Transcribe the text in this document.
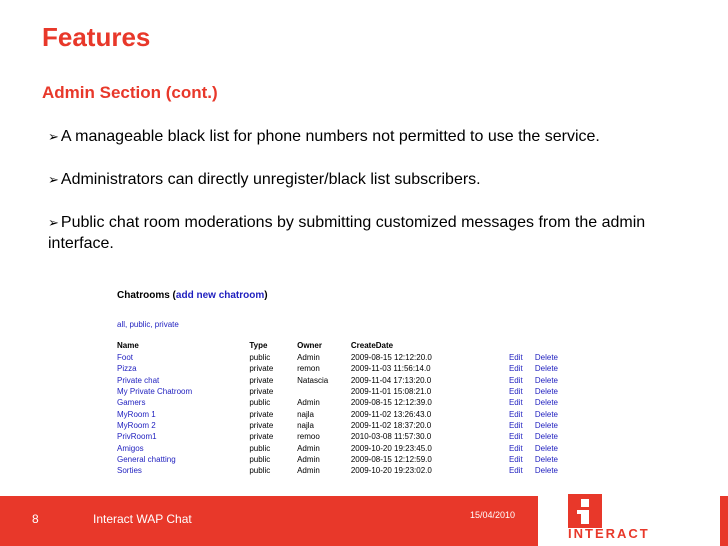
Features
Admin Section (cont.)
➢ A manageable black list for phone numbers not permitted to use the service.
➢ Administrators can directly unregister/black list subscribers.
➢ Public chat room moderations by submitting customized messages from the admin interface.
Chatrooms (add new chatroom)
all, public, private
Name	Type	Owner	CreateDate		
Foot	public	Admin	2009-08-15 12:12:20.0	Edit	Delete
Pizza	private	remon	2009-11-03 11:56:14.0	Edit	Delete
Private chat	private	Natascia	2009-11-04 17:13:20.0	Edit	Delete
My Private Chatroom	private		2009-11-01 15:08:21.0	Edit	Delete
Gamers	public	Admin	2009-08-15 12:12:39.0	Edit	Delete
MyRoom 1	private	najla	2009-11-02 13:26:43.0	Edit	Delete
MyRoom 2	private	najla	2009-11-02 18:37:20.0	Edit	Delete
PrivRoom1	private	remoo	2010-03-08 11:57:30.0	Edit	Delete
Amigos	public	Admin	2009-10-20 19:23:45.0	Edit	Delete
General chatting	public	Admin	2009-08-15 12:12:59.0	Edit	Delete
Sorties	public	Admin	2009-10-20 19:23:02.0	Edit	Delete
8	Interact WAP Chat	15/04/2010
INTERACT
